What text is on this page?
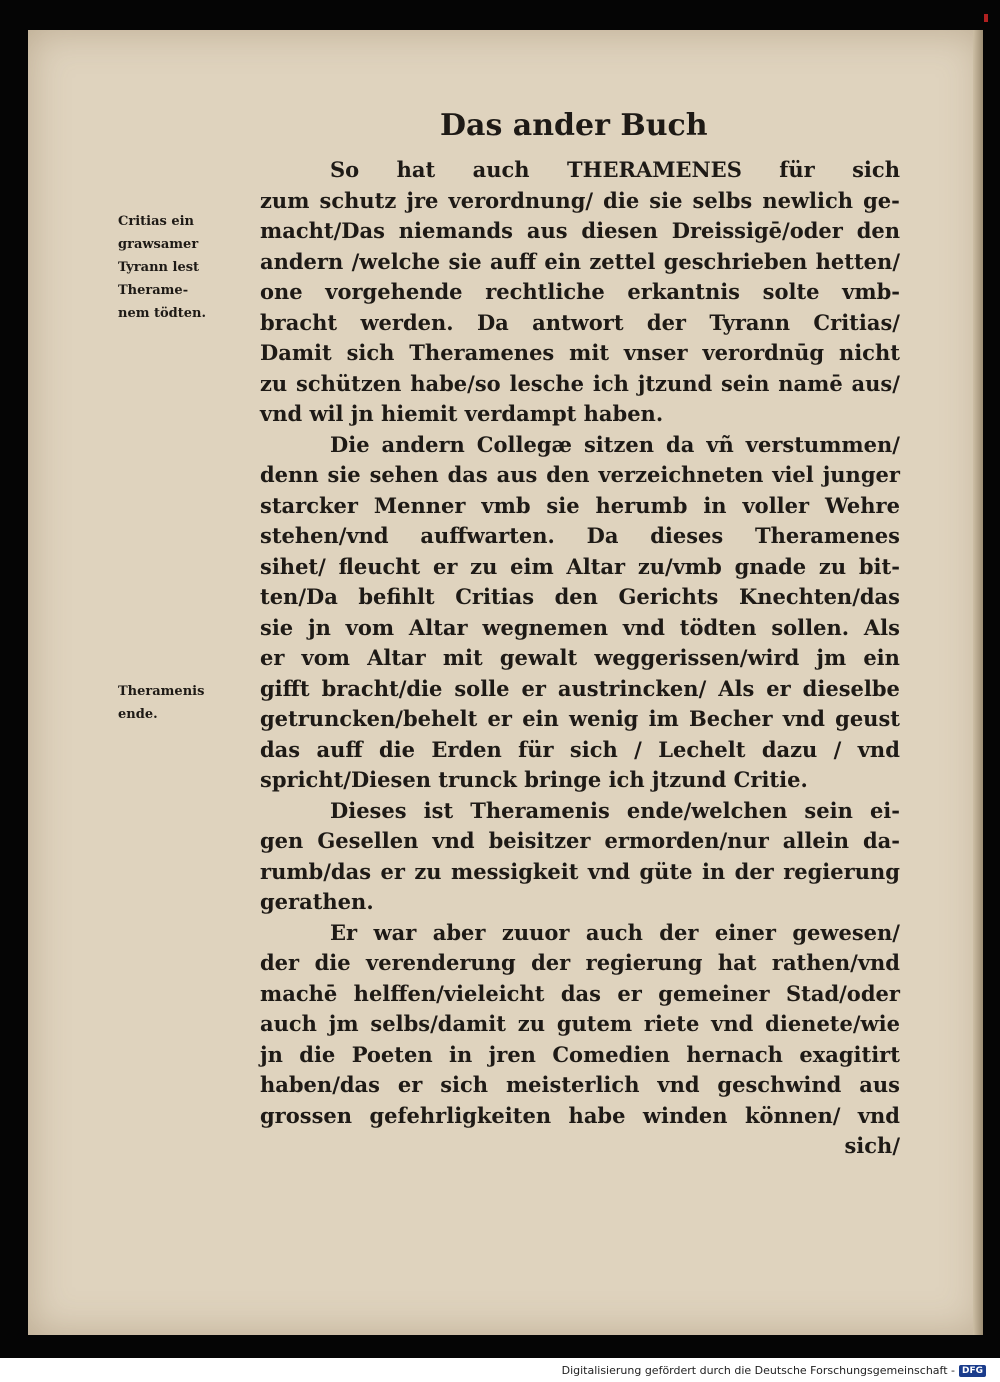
Das ander Buch
Critias ein
grawsamer
Tyrann lest
Therame-
nem tödten.
Theramenis
ende.
So hat auch THERAMENES für sich
zum schutz jre verordnung/ die sie selbs newlich ge-
macht/Das niemands aus diesen Dreissigē/oder den
andern /welche sie auff ein zettel geschrieben hetten/
one vorgehende rechtliche erkantnis solte vmb-
bracht werden. Da antwort der Tyrann Critias/
Damit sich Theramenes mit vnser verordnūg nicht
zu schützen habe/so lesche ich jtzund sein namē aus/
vnd wil jn hiemit verdampt haben.
Die andern Collegæ sitzen da vñ verstummen/
denn sie sehen das aus den verzeichneten viel junger
starcker Menner vmb sie herumb in voller Wehre
stehen/vnd auffwarten. Da dieses Theramenes
sihet/ fleucht er zu eim Altar zu/vmb gnade zu bit-
ten/Da befihlt Critias den Gerichts Knechten/das
sie jn vom Altar wegnemen vnd tödten sollen. Als
er vom Altar mit gewalt weggerissen/wird jm ein
gifft bracht/die solle er austrincken/ Als er dieselbe
getruncken/behelt er ein wenig im Becher vnd geust
das auff die Erden für sich / Lechelt dazu / vnd
spricht/Diesen trunck bringe ich jtzund Critie.
Dieses ist Theramenis ende/welchen sein ei-
gen Gesellen vnd beisitzer ermorden/nur allein da-
rumb/das er zu messigkeit vnd güte in der regierung
gerathen.
Er war aber zuuor auch der einer gewesen/
der die verenderung der regierung hat rathen/vnd
machē helffen/vieleicht das er gemeiner Stad/oder
auch jm selbs/damit zu gutem riete vnd dienete/wie
jn die Poeten in jren Comedien hernach exagitirt
haben/das er sich meisterlich vnd geschwind aus
grossen gefehrligkeiten habe winden können/ vnd
sich/
Digitalisierung gefördert durch die Deutsche Forschungsgemeinschaft - DFG
